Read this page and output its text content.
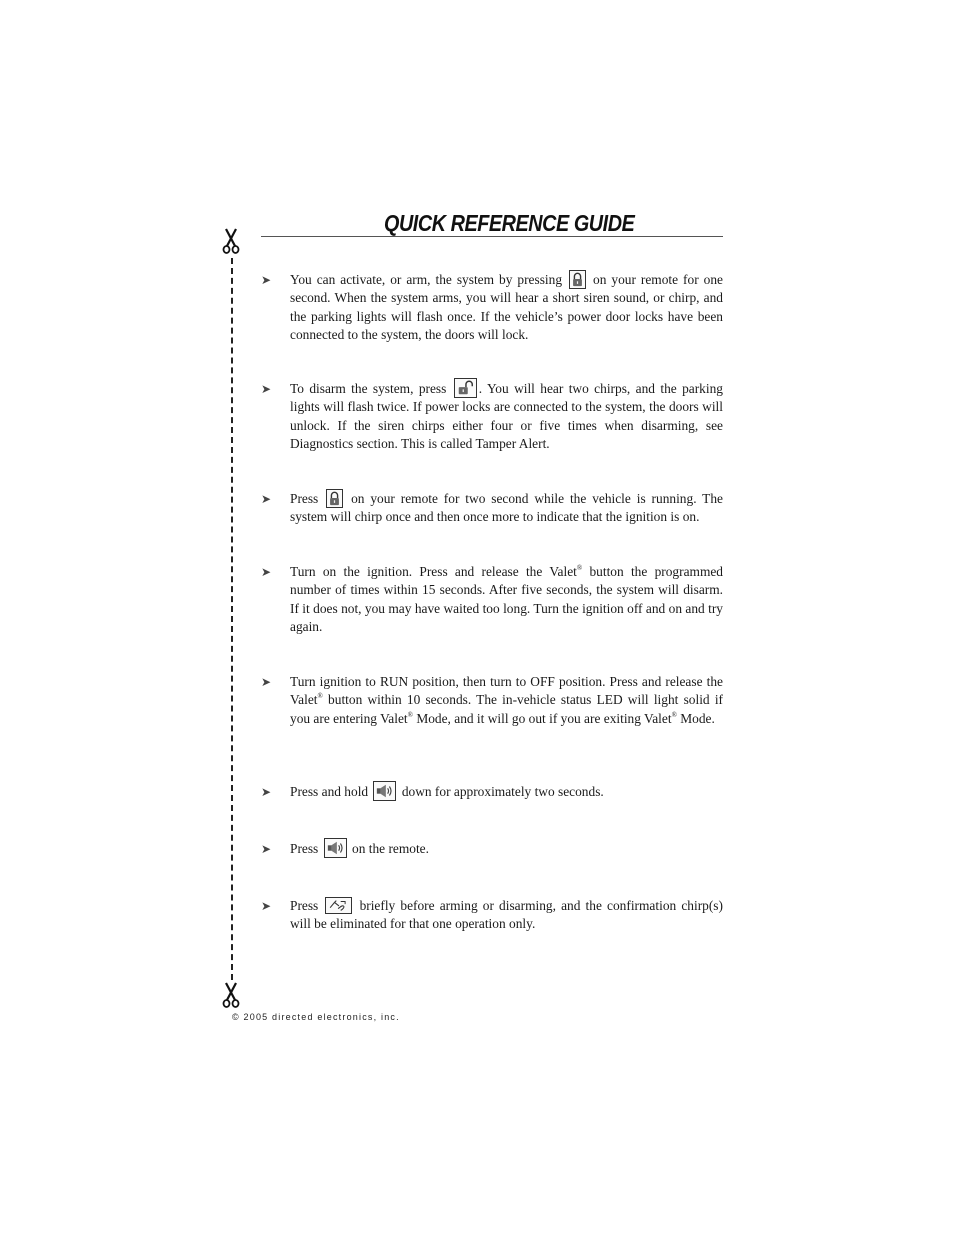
QUICK REFERENCE GUIDE
➤ You can activate, or arm, the system by pressing on your remote for one second. When the system arms, you will hear a short siren sound, or chirp, and the parking lights will flash once. If the vehicle’s power door locks have been connected to the system, the doors will lock.
➤ To disarm the system, press . You will hear two chirps, and the parking lights will flash twice. If power locks are connected to the system, the doors will unlock. If the siren chirps either four or five times when disarming, see Diagnostics section. This is called Tamper Alert.
➤ Press on your remote for two second while the vehicle is running. The system will chirp once and then once more to indicate that the ignition is on.
➤ Turn on the ignition. Press and release the Valet® button the programmed number of times within 15 seconds. After five seconds, the system will disarm. If it does not, you may have waited too long. Turn the ignition off and on and try again.
➤ Turn ignition to RUN position, then turn to OFF position. Press and release the Valet® button within 10 seconds. The in-vehicle status LED will light solid if you are entering Valet® Mode, and it will go out if you are exiting Valet® Mode.
➤ Press and hold	down for approximately two seconds.
➤ Press	on the remote.
➤ Press	briefly before arming or disarming, and the confirmation chirp(s) will be eliminated for that one operation only.
© 2005 directed electronics, inc.
